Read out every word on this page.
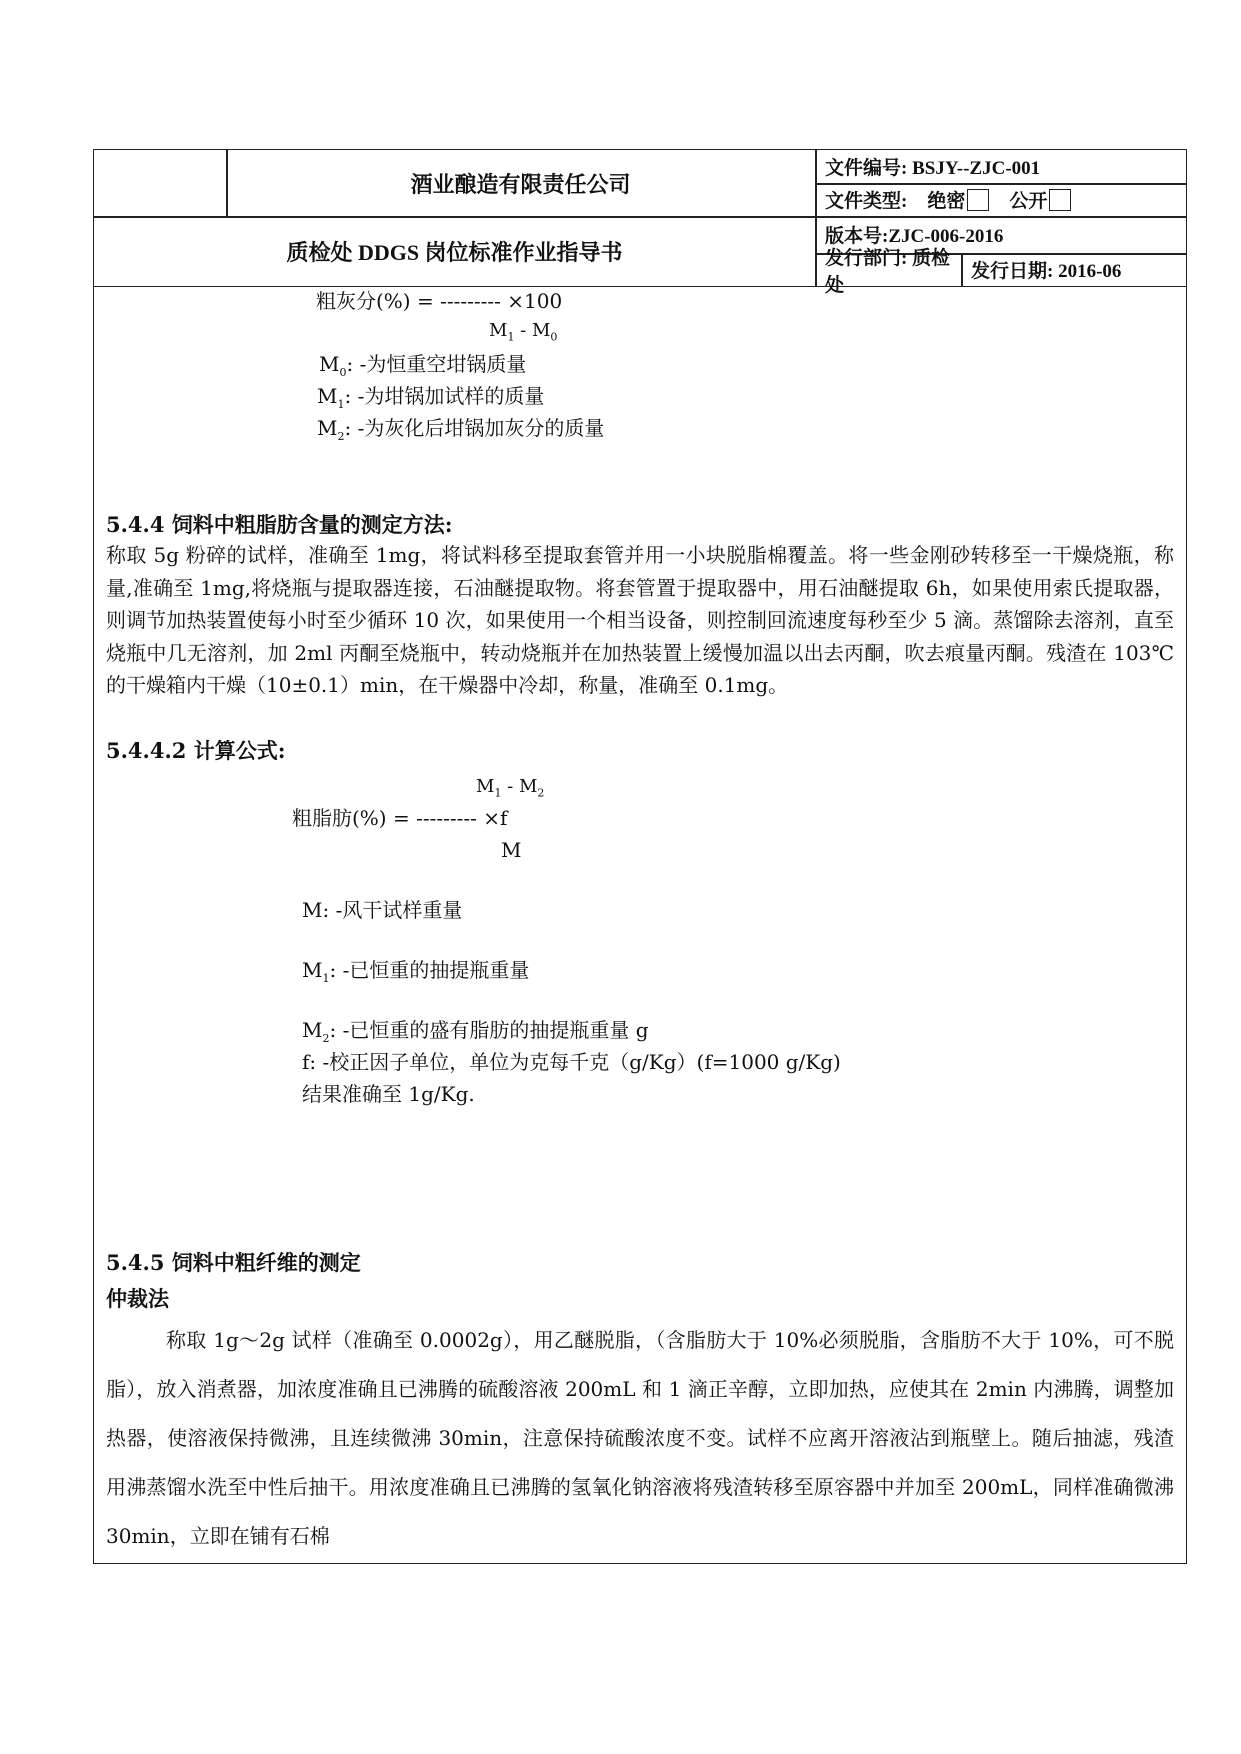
酒业酿造有限责任公司
质检处 DDGS 岗位标准作业指导书
文件编号: BSJY--ZJC-001
文件类型: 绝密 公开
版本号:ZJC-006-2016
发行部门: 质检处
发行日期: 2016-06
粗灰分(%) = --------- ×100
$M_1 - M_0$
$M_0$: -为恒重空坩锅质量
$M_1$: -为坩锅加试样的质量
$M_2$: -为灰化后坩锅加灰分的质量
5.4.4 饲料中粗脂肪含量的测定方法:
称取 5g 粉碎的试样，准确至 1mg，将试料移至提取套管并用一小块脱脂棉覆盖。将一些金刚砂转移至一干燥烧瓶，称量,准确至 1mg,将烧瓶与提取器连接，石油醚提取物。将套管置于提取器中，用石油醚提取 6h，如果使用索氏提取器，则调节加热装置使每小时至少循环 10 次，如果使用一个相当设备，则控制回流速度每秒至少 5 滴。蒸馏除去溶剂，直至烧瓶中几无溶剂，加 2ml 丙酮至烧瓶中，转动烧瓶并在加热装置上缓慢加温以出去丙酮，吹去痕量丙酮。残渣在 103℃的干燥箱内干燥（10±0.1）min，在干燥器中冷却，称量，准确至 0.1mg。
5.4.4.2 计算公式:
$M_1 - M_2$
粗脂肪(%) = --------- ×f
M
M: -风干试样重量
$M_1$: -已恒重的抽提瓶重量
$M_2$: -已恒重的盛有脂肪的抽提瓶重量 g
f: -校正因子单位，单位为克每千克（g/Kg）(f=1000 g/Kg)
结果准确至 1g/Kg.
5.4.5 饲料中粗纤维的测定
仲裁法
称取 1g～2g 试样（准确至 0.0002g），用乙醚脱脂，（含脂肪大于 10%必须脱脂，含脂肪不大于 10%，可不脱脂），放入消煮器，加浓度准确且已沸腾的硫酸溶液 200mL 和 1 滴正辛醇，立即加热，应使其在 2min 内沸腾，调整加热器，使溶液保持微沸，且连续微沸 30min，注意保持硫酸浓度不变。试样不应离开溶液沾到瓶壁上。随后抽滤，残渣用沸蒸馏水洗至中性后抽干。用浓度准确且已沸腾的氢氧化钠溶液将残渣转移至原容器中并加至 200mL，同样准确微沸 30min，立即在铺有石棉
